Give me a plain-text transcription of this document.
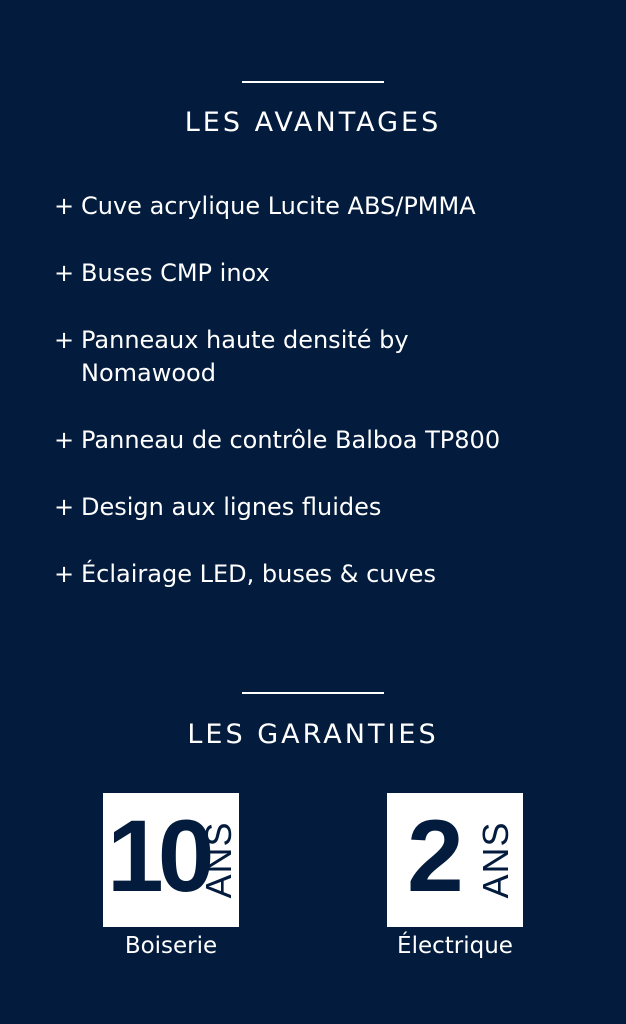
LES AVANTAGES
+ Cuve acrylique Lucite ABS/PMMA
+ Buses CMP inox
+ Panneaux haute densité by Nomawood
+ Panneau de contrôle Balboa TP800
+ Design aux lignes fluides
+ Éclairage LED, buses & cuves
LES GARANTIES
10
ANS
Boiserie
2 ANS
Électrique
